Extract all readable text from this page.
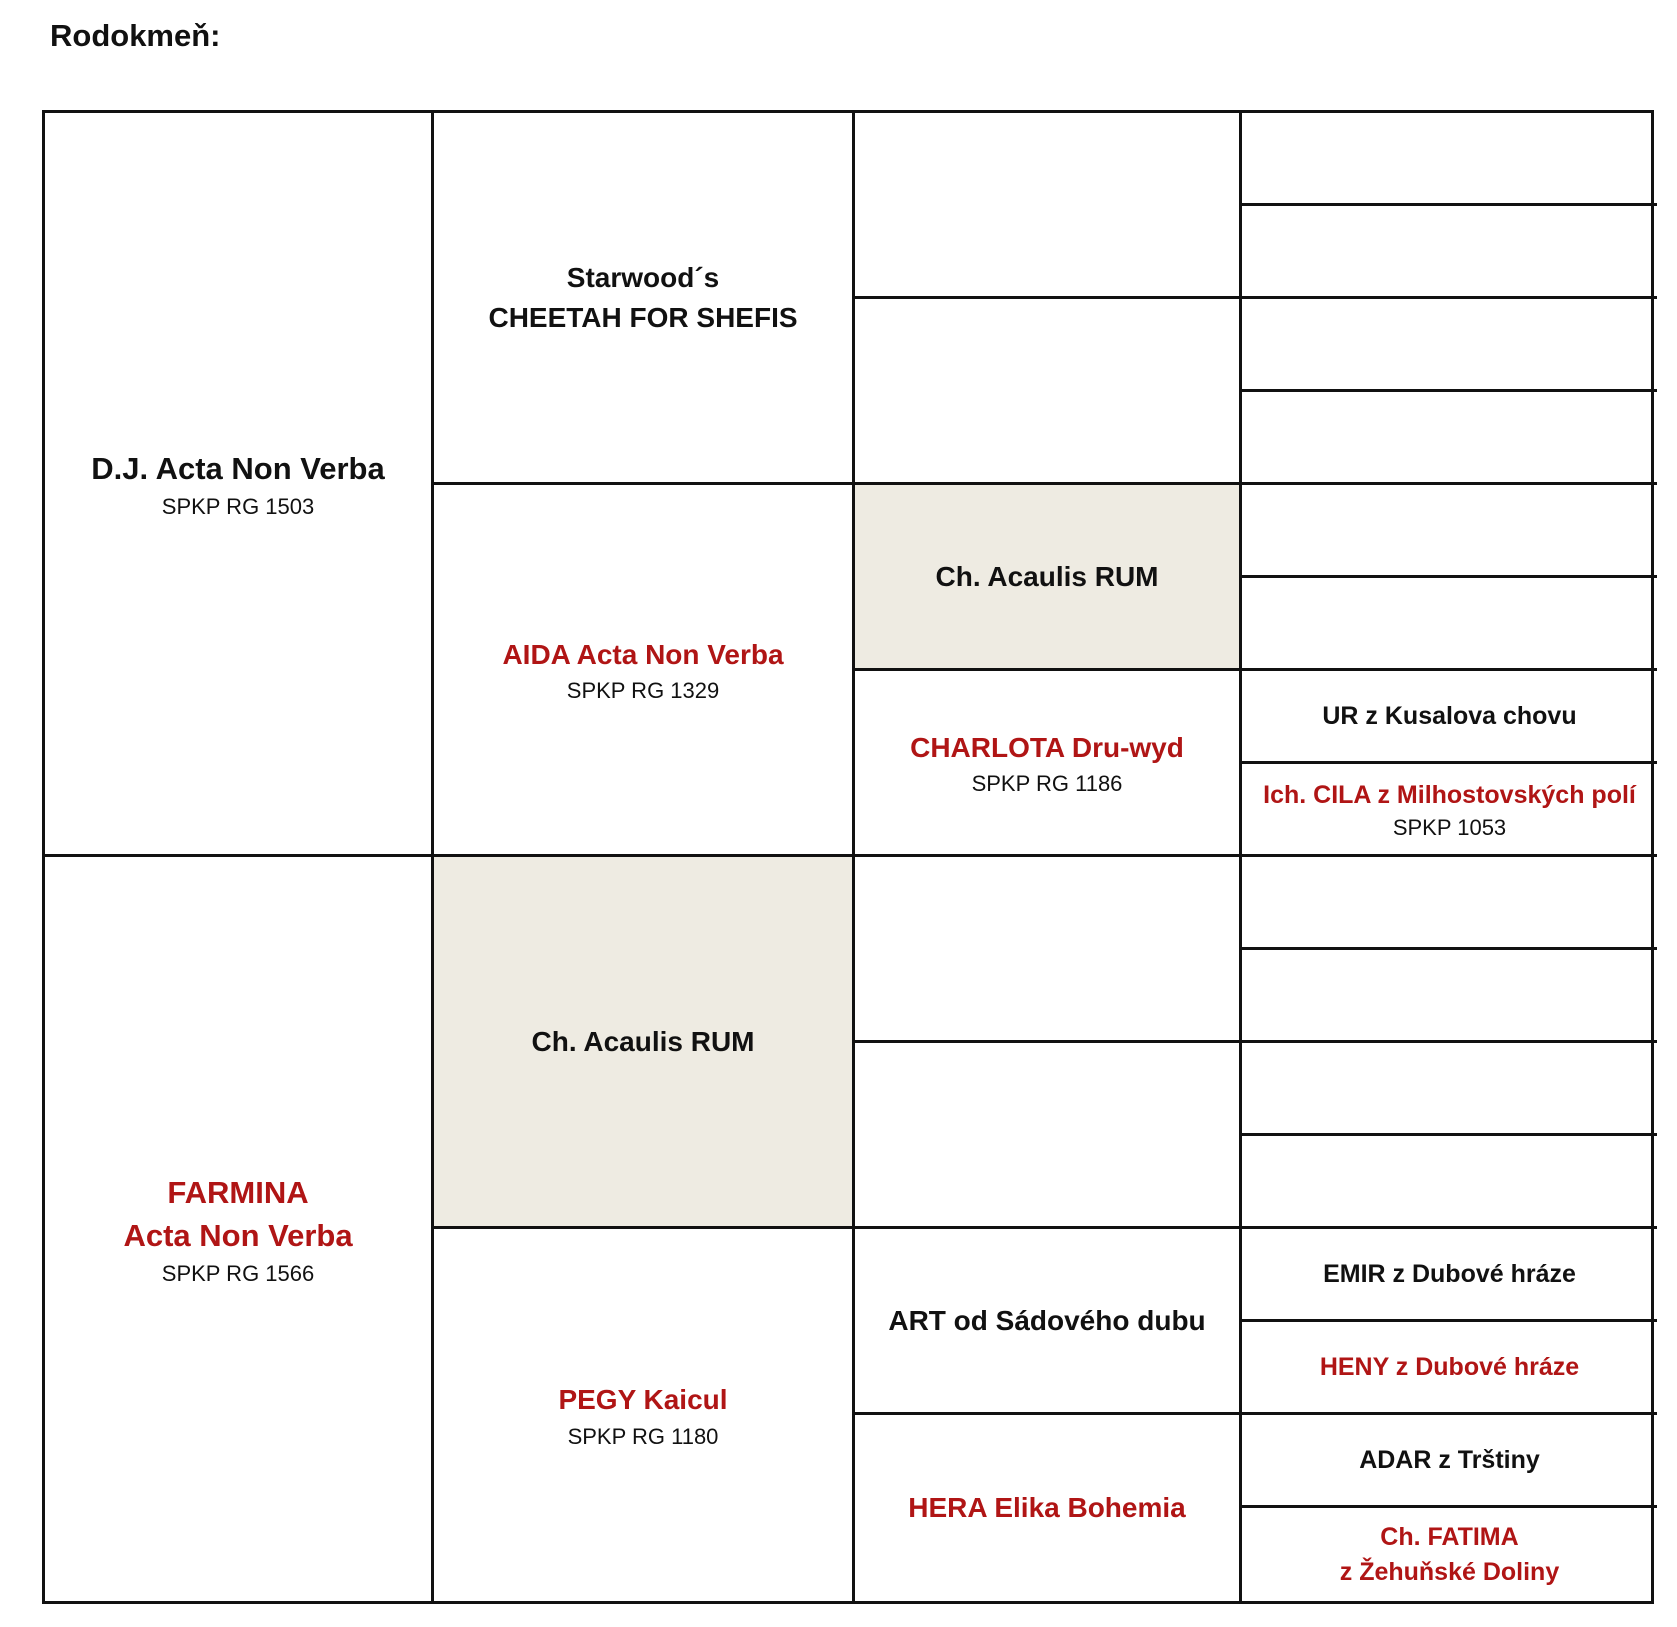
Rodokmeň:
D.J. Acta Non Verba
SPKP RG 1503
FARMINA
Acta Non Verba
SPKP RG 1566
Starwood´s
CHEETAH FOR SHEFIS
AIDA Acta Non Verba
SPKP RG 1329
Ch. Acaulis RUM
PEGY Kaicul
SPKP RG 1180
Ch. Acaulis RUM
CHARLOTA Dru-wyd
SPKP RG 1186
ART od Sádového dubu
HERA Elika Bohemia
UR z Kusalova chovu
Ich. CILA z Milhostovských polí
SPKP 1053
EMIR z Dubové hráze
HENY z Dubové hráze
ADAR z Trštiny
Ch. FATIMA
z Žehuňské Doliny
